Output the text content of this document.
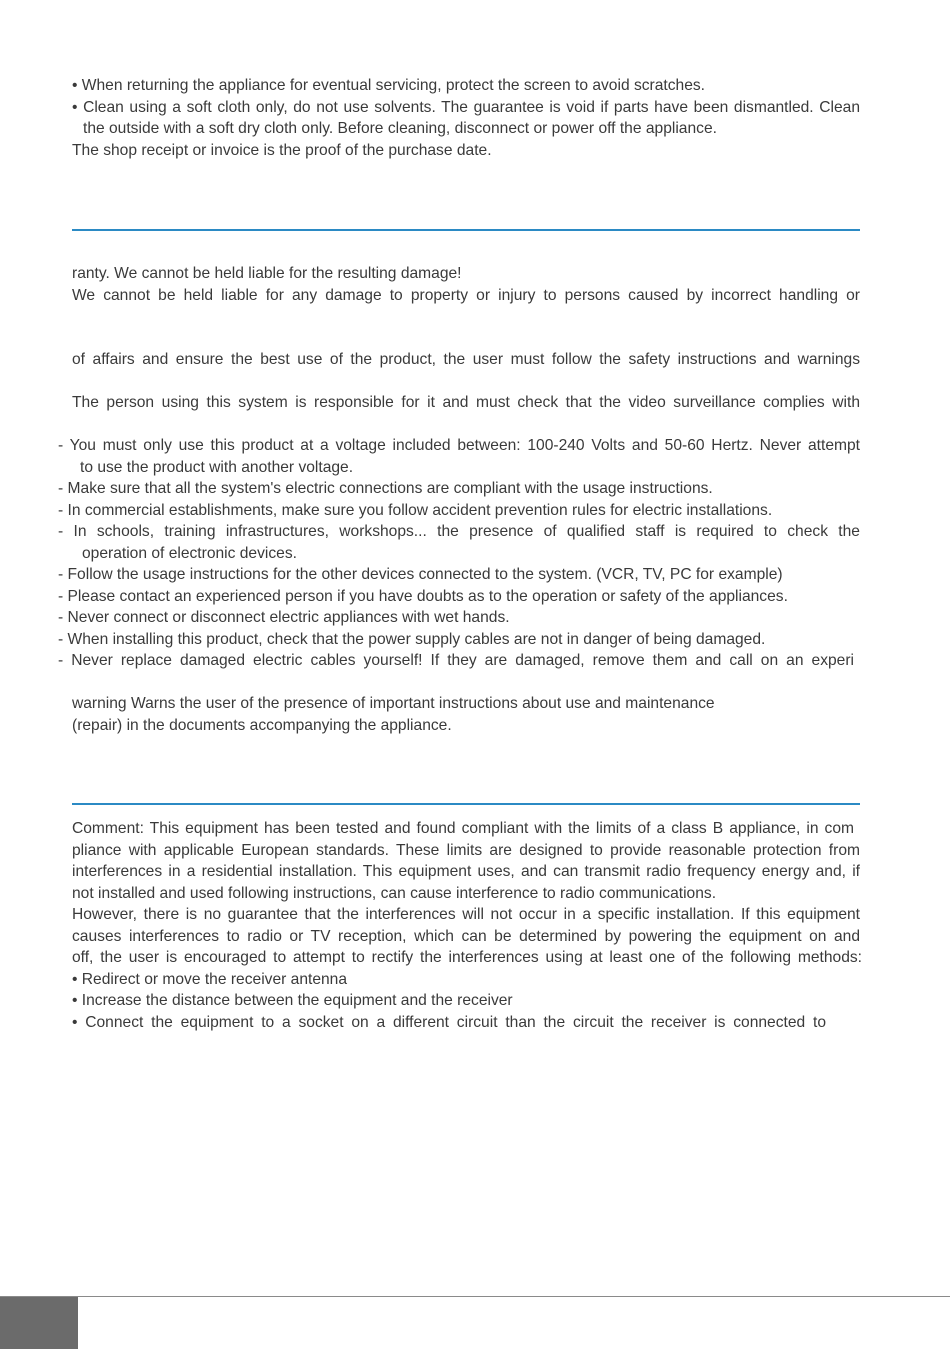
• When returning the appliance for eventual servicing, protect the screen to avoid scratches.
• Clean using a soft cloth only, do not use solvents. The guarantee is void if parts have been dismantled. Clean
the outside with a soft dry cloth only. Before cleaning, disconnect or power off the appliance.
The shop receipt or invoice is the proof of the purchase date.
ranty. We cannot be held liable for the resulting damage!
We cannot be held liable for any damage to property or injury to persons caused by incorrect handling or
of affairs and ensure the best use of the product, the user must follow the safety instructions and warnings
The person using this system is responsible for it and must check that the video surveillance complies with
- You must only use this product at a voltage included between: 100-240 Volts and 50-60 Hertz. Never attempt
to use the product with another voltage.
- Make sure that all the system's electric connections are compliant with the usage instructions.
- In commercial establishments, make sure you follow accident prevention rules for electric installations.
- In schools, training infrastructures, workshops... the presence of qualified staff is required to check the
operation of electronic devices.
- Follow the usage instructions for the other devices connected to the system. (VCR, TV, PC for example)
- Please contact an experienced person if you have doubts as to the operation or safety of the appliances.
- Never connect or disconnect electric appliances with wet hands.
- When installing this product, check that the power supply cables are not in danger of being damaged.
- Never replace damaged electric cables yourself! If they are damaged, remove them and call on an experi
warning Warns the user of the presence of important instructions about use and maintenance
(repair) in the documents accompanying the appliance.
Comment: This equipment has been tested and found compliant with the limits of a class B appliance, in com
pliance with applicable European standards. These limits are designed to provide reasonable protection from
interferences in a residential installation. This equipment uses, and can transmit radio frequency energy and, if
not installed and used following instructions, can cause interference to radio communications.
However, there is no guarantee that the interferences will not occur in a specific installation. If this equipment
causes interferences to radio or TV reception, which can be determined by powering the equipment on and
off, the user is encouraged to attempt to rectify the interferences using at least one of the following methods:
• Redirect or move the receiver antenna
• Increase the distance between the equipment and the receiver
• Connect the equipment to a socket on a different circuit than the circuit the receiver is connected to
